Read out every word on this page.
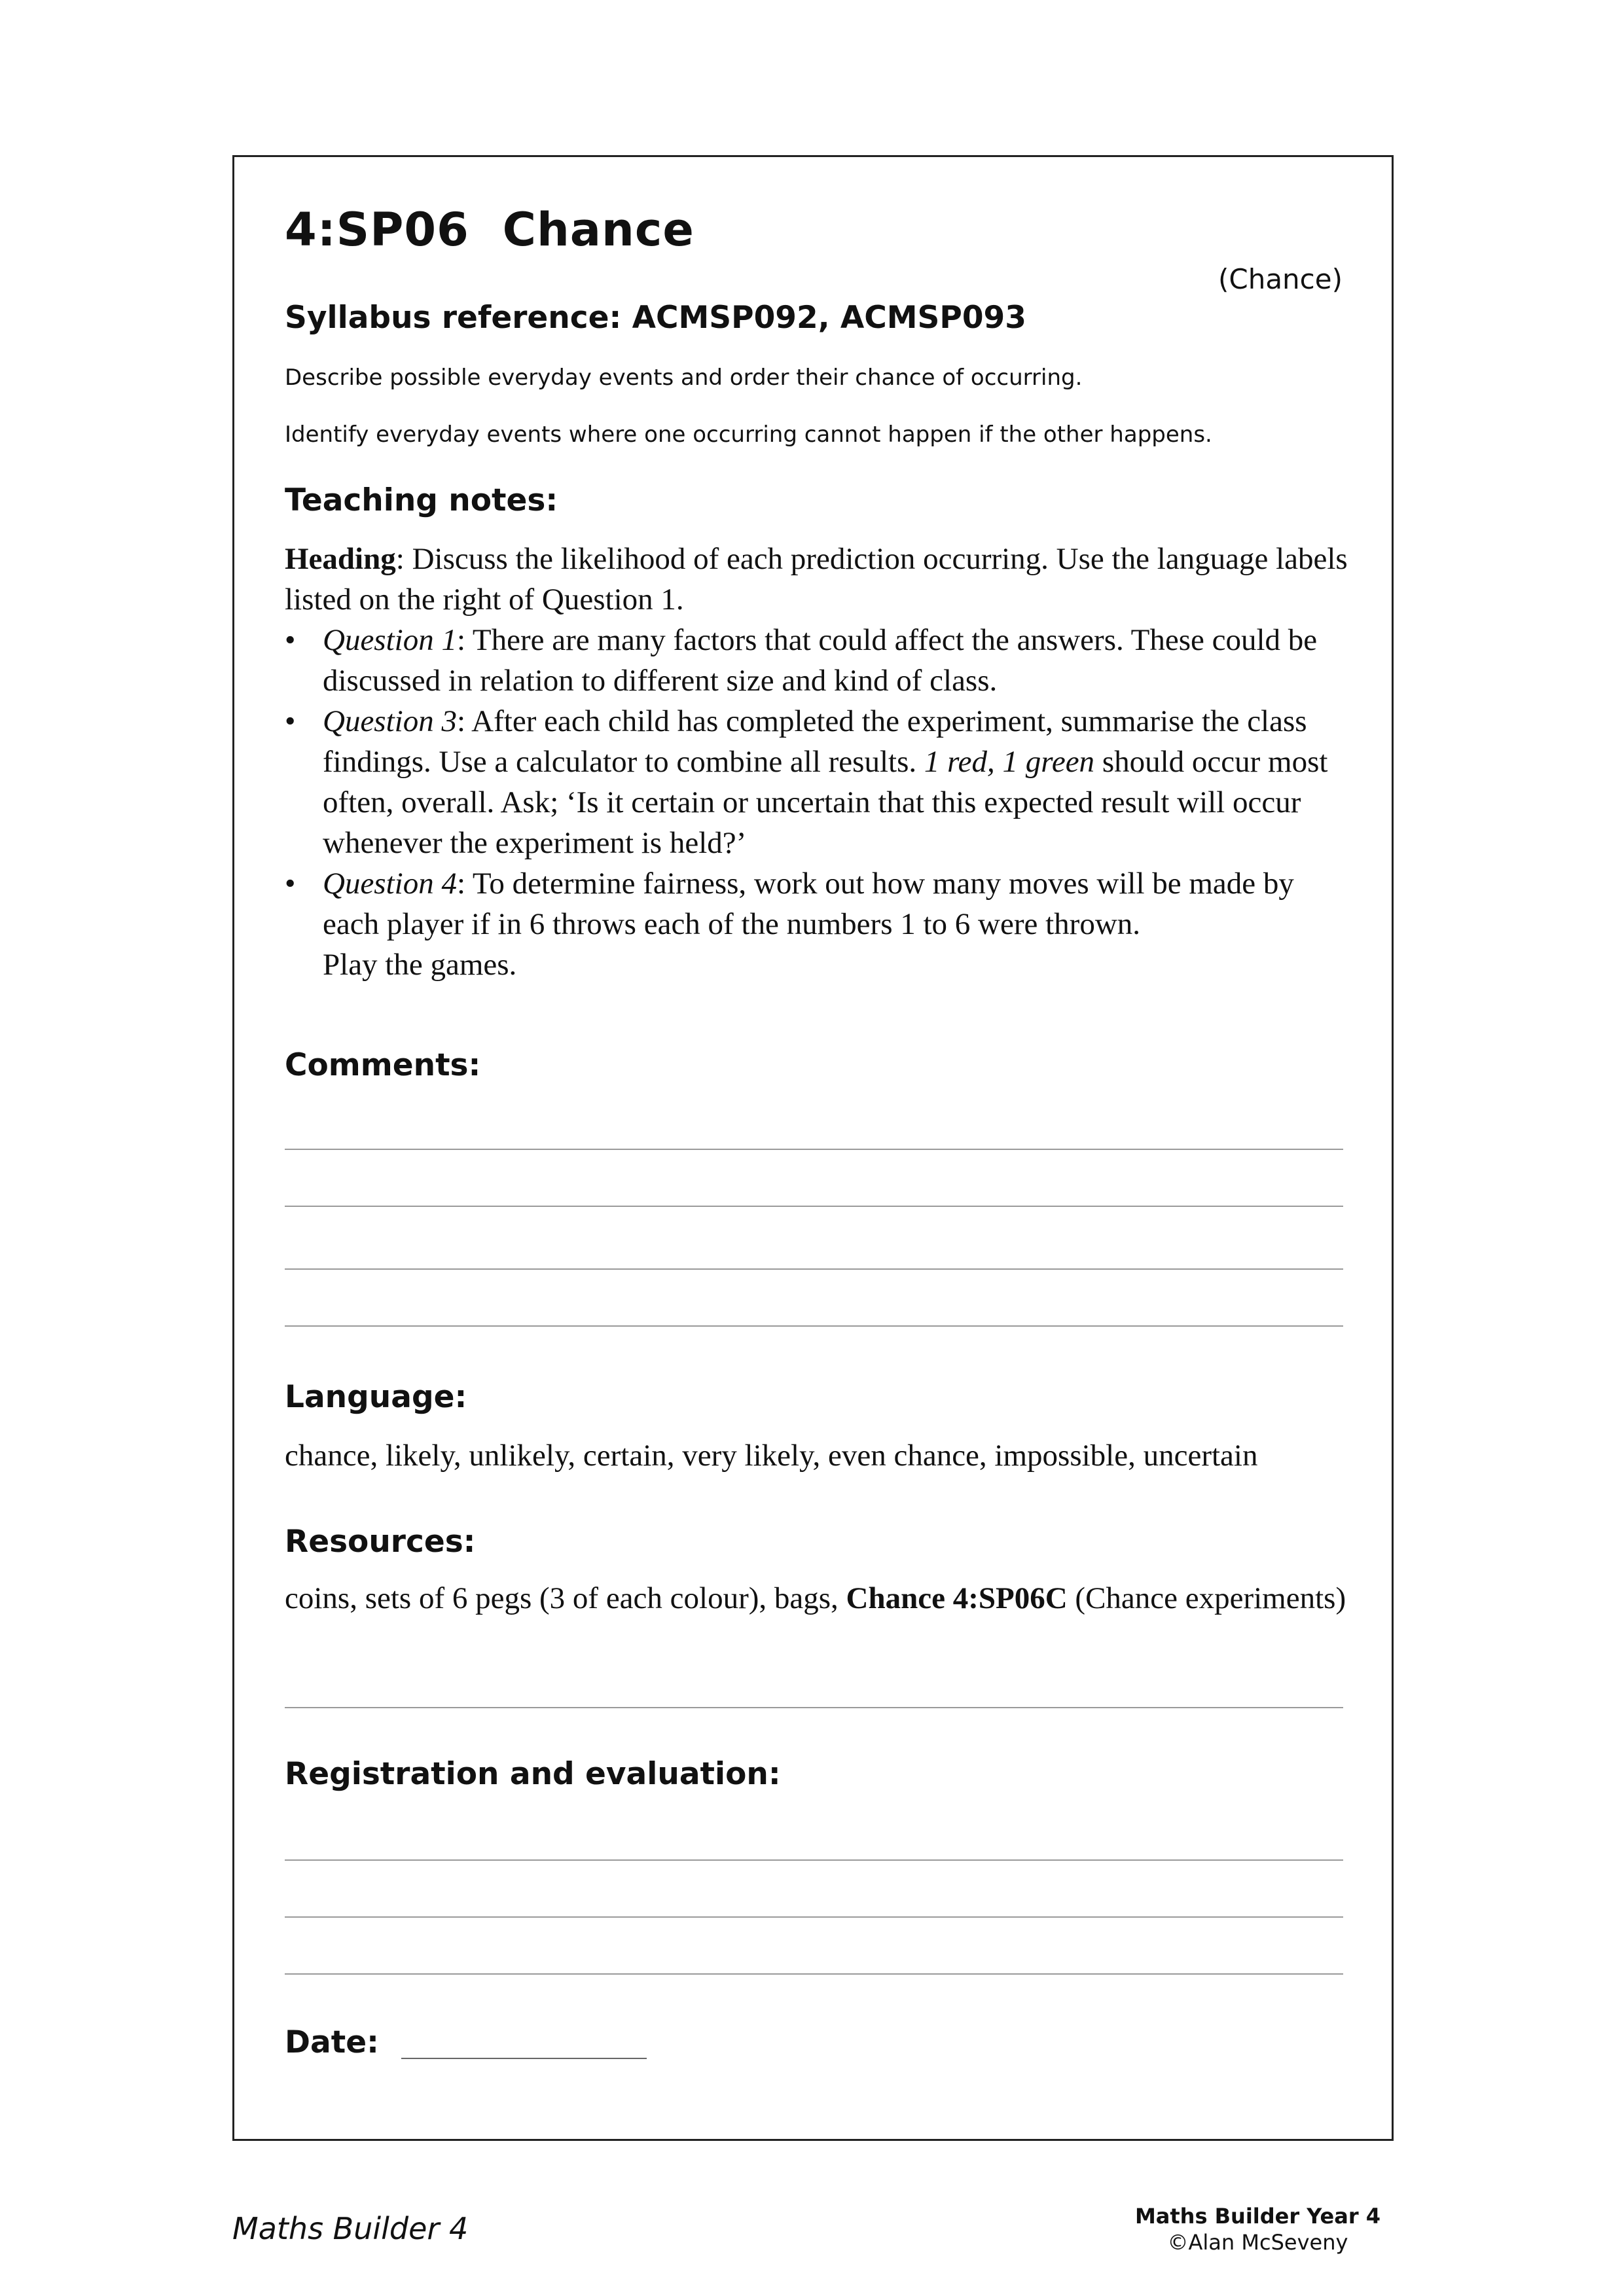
4:SP06 Chance
(Chance)
Syllabus reference: ACMSP092, ACMSP093
Describe possible everyday events and order their chance of occurring.
Identify everyday events where one occurring cannot happen if the other happens.
Teaching notes:
Heading: Discuss the likelihood of each prediction occurring. Use the language labels listed on the right of Question 1.
• Question 1: There are many factors that could affect the answers. These could be discussed in relation to different size and kind of class.
• Question 3: After each child has completed the experiment, summarise the class findings. Use a calculator to combine all results. 1 red, 1 green should occur most often, overall. Ask; ‘Is it certain or uncertain that this expected result will occur whenever the experiment is held?’
• Question 4: To determine fairness, work out how many moves will be made by each player if in 6 throws each of the numbers 1 to 6 were thrown.
Play the games.
Comments:
Language:
chance, likely, unlikely, certain, very likely, even chance, impossible, uncertain
Resources:
coins, sets of 6 pegs (3 of each colour), bags, Chance 4:SP06C (Chance experiments)
Registration and evaluation:
Date:
Maths Builder 4	Maths Builder Year 4
©Alan McSeveny
